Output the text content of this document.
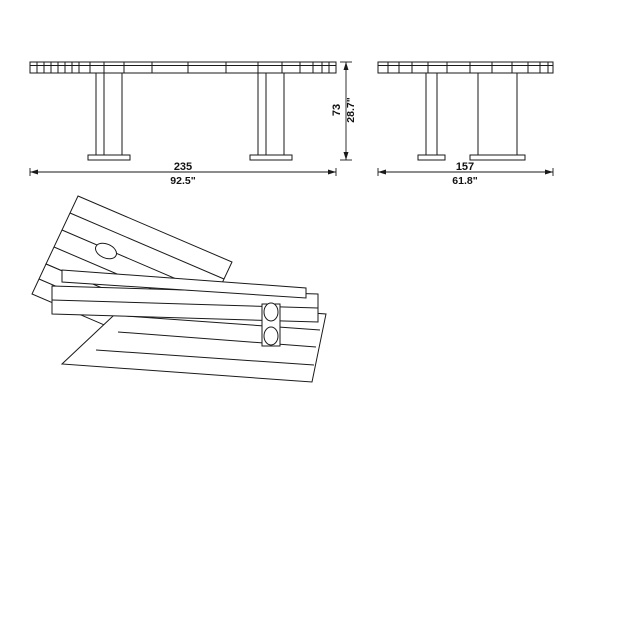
235
92.5"
157
61.8"
73 28.7"
